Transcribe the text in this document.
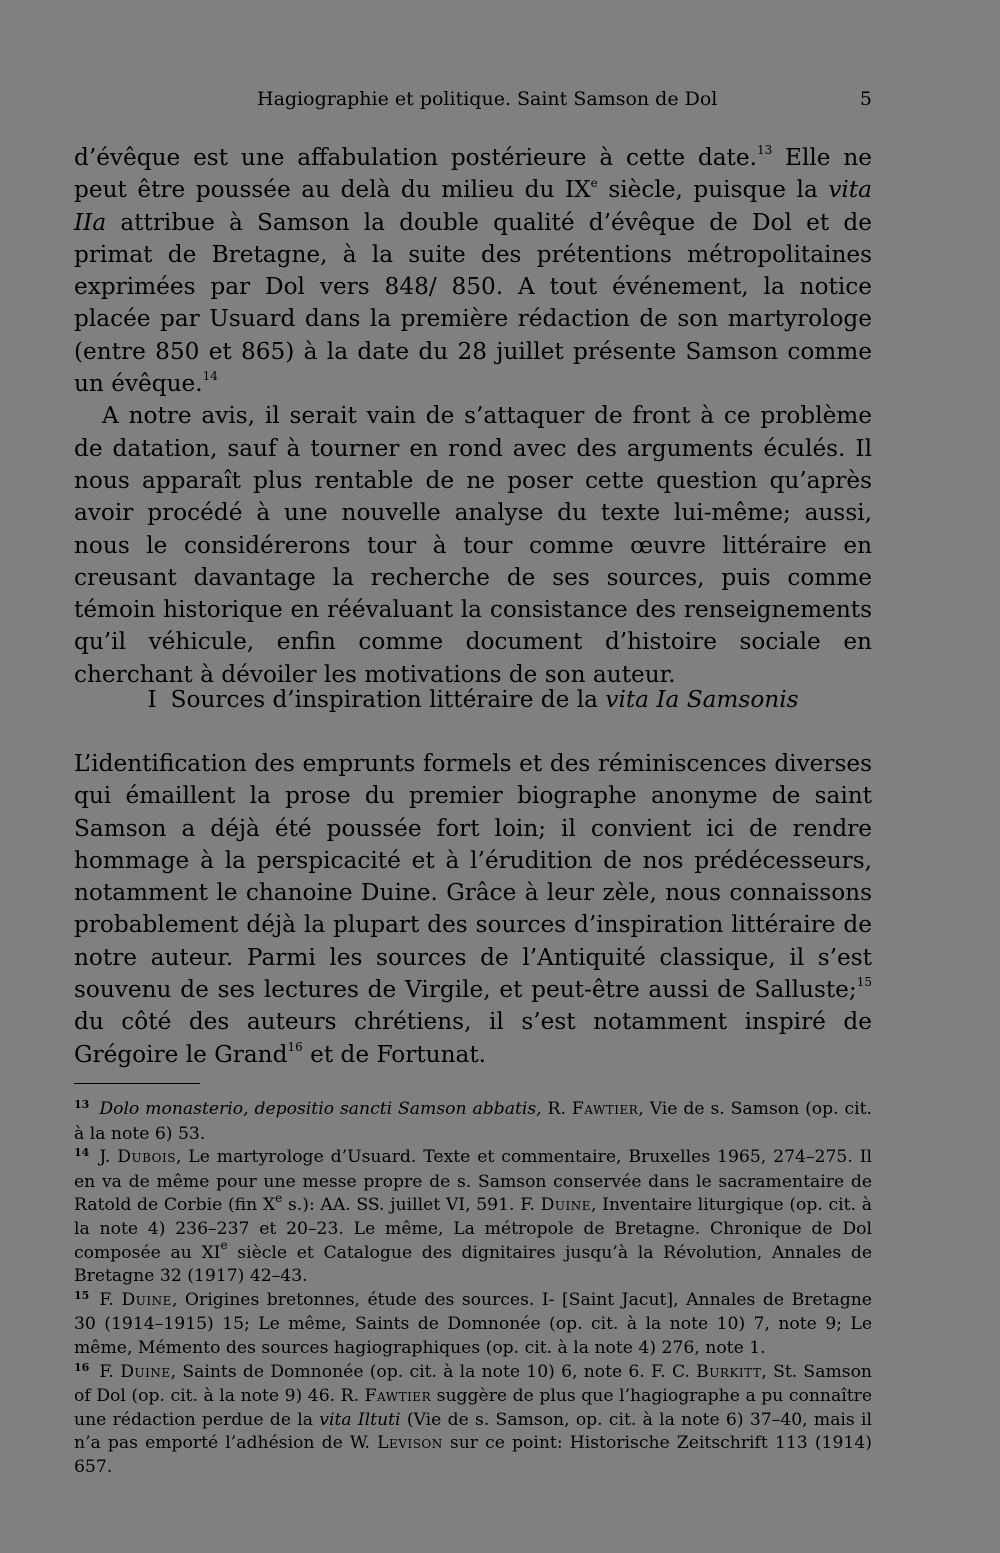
Hagiographie et politique. Saint Samson de Dol	5

d’évêque est une affabulation postérieure à cette date.$^{13}$ Elle ne peut être poussée au delà du milieu du IXe siècle, puisque la vita IIa attribue à Samson la double qualité d’évêque de Dol et de primat de Bretagne, à la suite des prétentions métropolitaines exprimées par Dol vers 848/ 850. A tout événement, la notice placée par Usuard dans la première rédaction de son martyrologe (entre 850 et 865) à la date du 28 juillet présente Samson comme un évêque.$^{14}$

A notre avis, il serait vain de s’attaquer de front à ce problème de datation, sauf à tourner en rond avec des arguments éculés. Il nous apparaît plus rentable de ne poser cette question qu’après avoir procédé à une nouvelle analyse du texte lui-même; aussi, nous le considérerons tour à tour comme œuvre littéraire en creusant davantage la recherche de ses sources, puis comme témoin historique en réévaluant la consistance des renseignements qu’il véhicule, enfin comme document d’histoire sociale en cherchant à dévoiler les motivations de son auteur.

I Sources d’inspiration littéraire de la vita Ia Samsonis

L’identification des emprunts formels et des réminiscences diverses qui émaillent la prose du premier biographe anonyme de saint Samson a déjà été poussée fort loin; il convient ici de rendre hommage à la perspicacité et à l’érudition de nos prédécesseurs, notamment le chanoine Duine. Grâce à leur zèle, nous connaissons probablement déjà la plupart des sources d’inspiration littéraire de notre auteur. Parmi les sources de l’Antiquité classique, il s’est souvenu de ses lectures de Virgile, et peut-être aussi de Salluste;$^{15}$ du côté des auteurs chrétiens, il s’est notamment inspiré de Grégoire le Grand$^{16}$ et de Fortunat.

$^{13}$ Dolo monasterio, depositio sancti Samson abbatis, R. Fawtier, Vie de s. Samson (op. cit. à la note 6) 53.

$^{14}$ J. Dubois, Le martyrologe d’Usuard. Texte et commentaire, Bruxelles 1965, 274–275. Il en va de même pour une messe propre de s. Samson conservée dans le sacramentaire de Ratold de Corbie (fin Xe s.): AA. SS. juillet VI, 591. F. Duine, Inventaire liturgique (op. cit. à la note 4) 236–237 et 20–23. Le même, La métropole de Bretagne. Chronique de Dol composée au XIe siècle et Catalogue des dignitaires jusqu’à la Révolution, Annales de Bretagne 32 (1917) 42–43.

$^{15}$ F. Duine, Origines bretonnes, étude des sources. I- [Saint Jacut], Annales de Bretagne 30 (1914–1915) 15; Le même, Saints de Domnonée (op. cit. à la note 10) 7, note 9; Le même, Mémento des sources hagiographiques (op. cit. à la note 4) 276, note 1.

$^{16}$ F. Duine, Saints de Domnonée (op. cit. à la note 10) 6, note 6. F. C. Burkitt, St. Samson of Dol (op. cit. à la note 9) 46. R. Fawtier suggère de plus que l’hagiographe a pu connaître une rédaction perdue de la vita Iltuti (Vie de s. Samson, op. cit. à la note 6) 37–40, mais il n’a pas emporté l’adhésion de W. Levison sur ce point: Historische Zeitschrift 113 (1914) 657.
